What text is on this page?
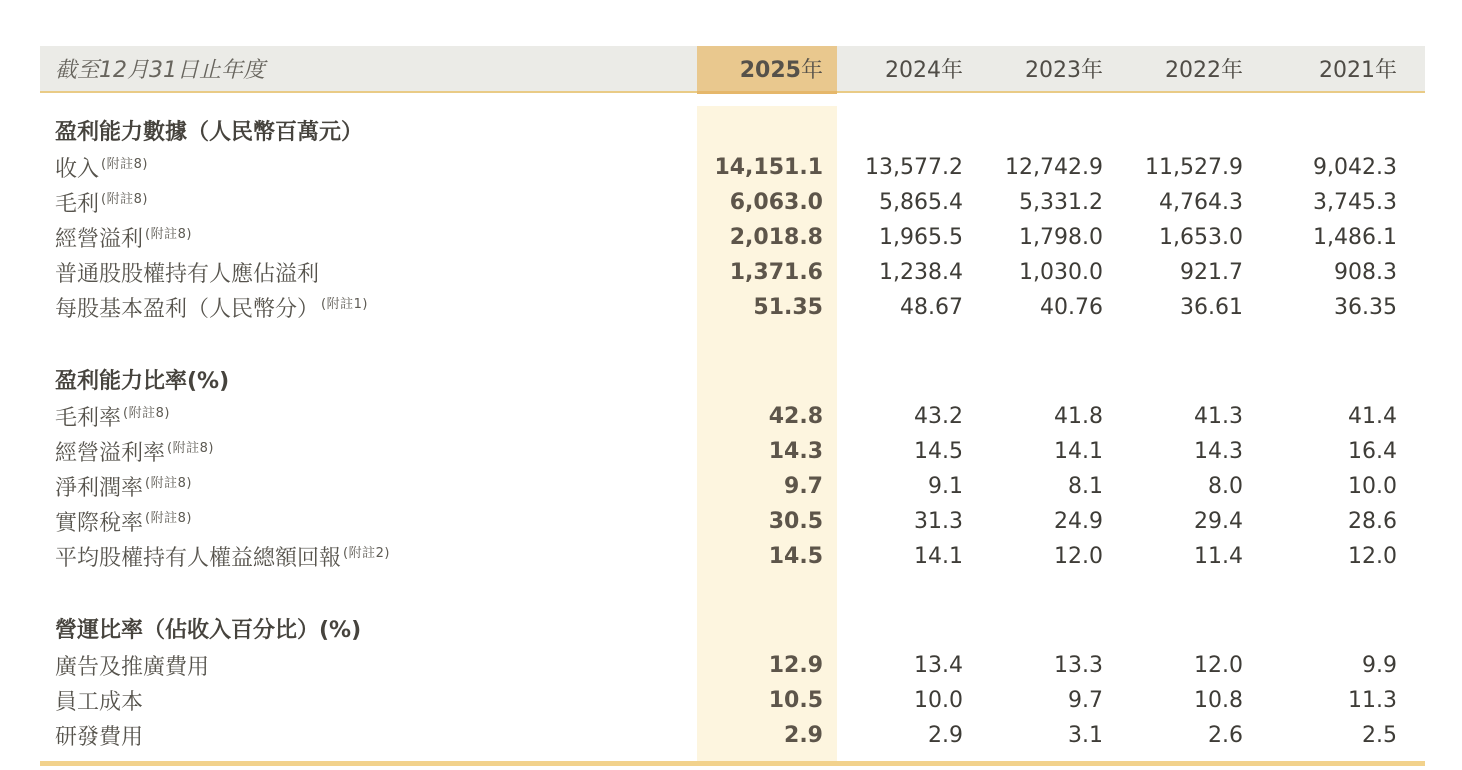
截至12月31日止年度	2025年	2024年	2023年	2022年	2021年

盈利能力數據（人民幣百萬元）					
收入 $^{(附註8)}$	14,151.1	13,577.2	12,742.9	11,527.9	9,042.3
毛利 $^{(附註8)}$	6,063.0	5,865.4	5,331.2	4,764.3	3,745.3
經營溢利 $^{(附註8)}$	2,018.8	1,965.5	1,798.0	1,653.0	1,486.1
普通股股權持有人應佔溢利	1,371.6	1,238.4	1,030.0	921.7	908.3
每股基本盈利（人民幣分） $^{(附註1)}$	51.35	48.67	40.76	36.61	36.35

盈利能力比率(%)					
毛利率 $^{(附註8)}$	42.8	43.2	41.8	41.3	41.4
經營溢利率 $^{(附註8)}$	14.3	14.5	14.1	14.3	16.4
淨利潤率 $^{(附註8)}$	9.7	9.1	8.1	8.0	10.0
實際稅率 $^{(附註8)}$	30.5	31.3	24.9	29.4	28.6
平均股權持有人權益總額回報 $^{(附註2)}$	14.5	14.1	12.0	11.4	12.0

營運比率（佔收入百分比）(%)					
廣告及推廣費用	12.9	13.4	13.3	12.0	9.9
員工成本	10.5	10.0	9.7	10.8	11.3
研發費用	2.9	2.9	3.1	2.6	2.5
